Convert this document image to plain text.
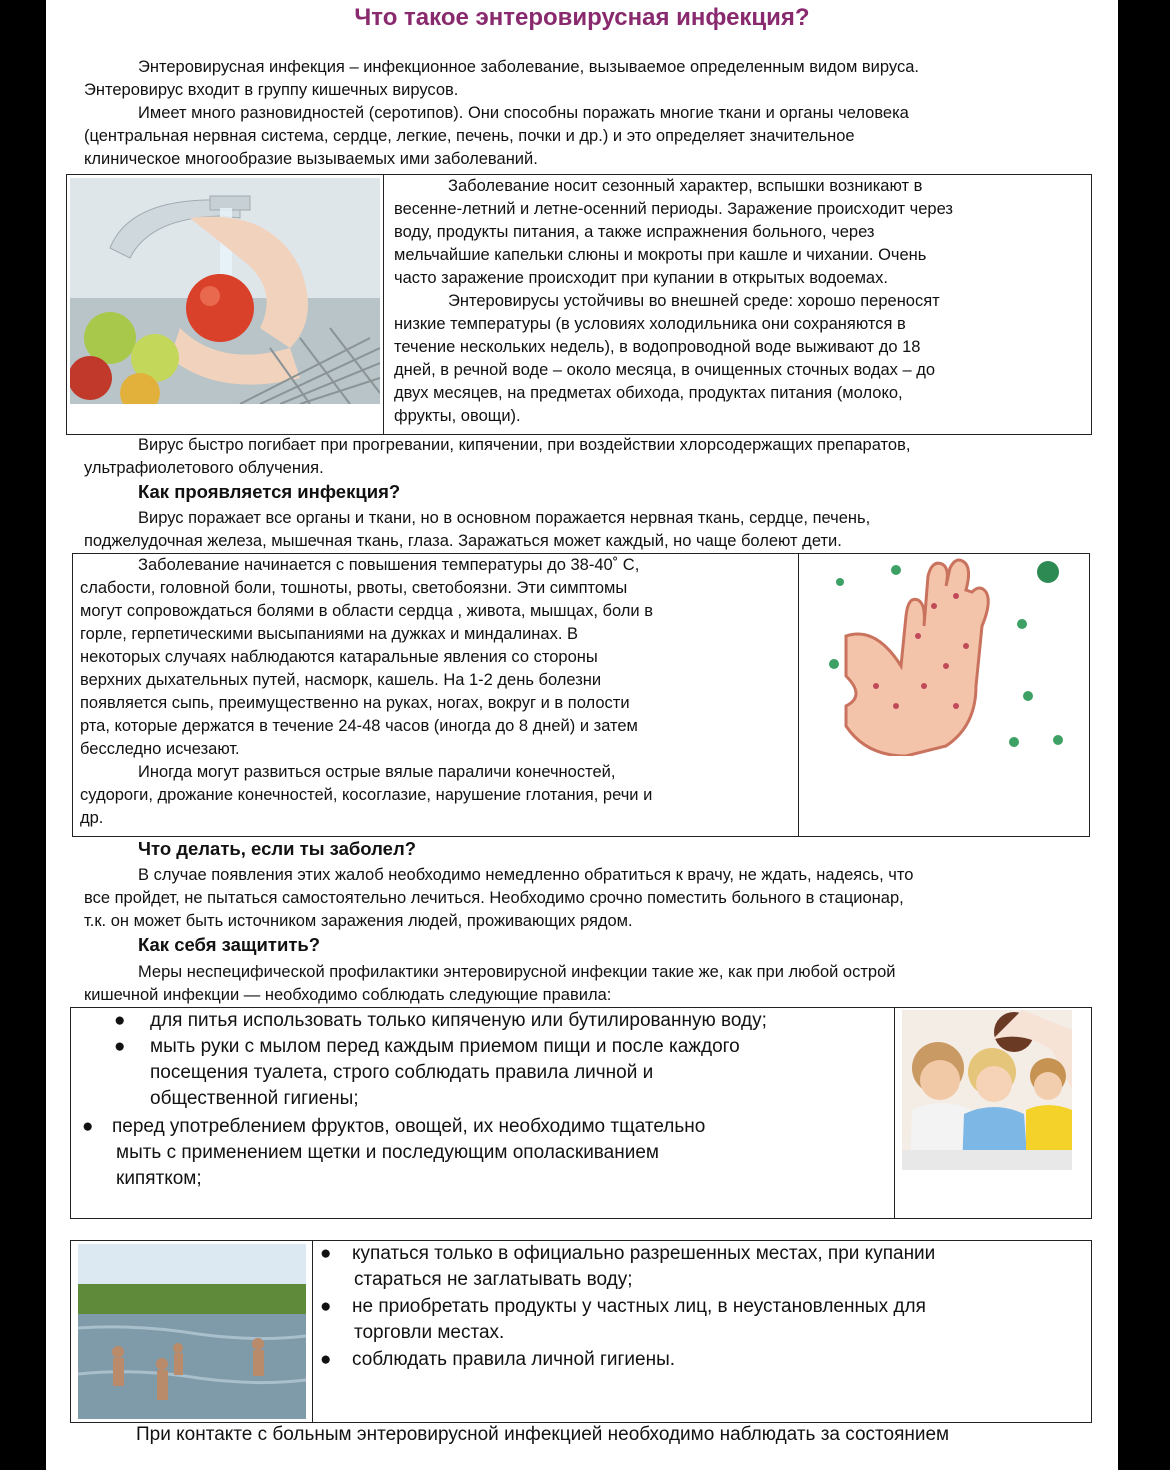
Что такое энтеровирусная инфекция?
Энтеровирусная инфекция – инфекционное заболевание, вызываемое определенным видом вируса.
Энтеровирус входит в группу кишечных вирусов.
Имеет много разновидностей (серотипов). Они способны поражать многие ткани и органы человека
(центральная нервная система, сердце, легкие, печень, почки и др.) и это определяет значительное
клиническое многообразие вызываемых ими заболеваний.
Заболевание носит сезонный характер, вспышки возникают в
весенне-летний и летне-осенний периоды. Заражение происходит через
воду, продукты питания, а также испражнения больного, через
мельчайшие капельки слюны и мокроты при кашле и чихании. Очень
часто заражение происходит при купании в открытых водоемах.
Энтеровирусы устойчивы во внешней среде: хорошо переносят
низкие температуры (в условиях холодильника они сохраняются в
течение нескольких недель), в водопроводной воде выживают до 18
дней, в речной воде – около месяца, в очищенных сточных водах – до
двух месяцев, на предметах обихода, продуктах питания (молоко,
фрукты, овощи).
Вирус быстро погибает при прогревании, кипячении, при воздействии хлорсодержащих препаратов,
ультрафиолетового облучения.
Как проявляется инфекция?
Вирус поражает все органы и ткани, но в основном поражается нервная ткань, сердце, печень,
поджелудочная железа, мышечная ткань, глаза. Заражаться может каждый, но чаще болеют дети.
Заболевание начинается с повышения температуры до 38-40˚ С,
слабости, головной боли, тошноты, рвоты, светобоязни. Эти симптомы
могут сопровождаться болями в области сердца , живота, мышцах, боли в
горле, герпетическими высыпаниями на дужках и миндалинах. В
некоторых случаях наблюдаются катаральные явления со стороны
верхних дыхательных путей, насморк, кашель. На 1-2 день болезни
появляется сыпь, преимущественно на руках, ногах, вокруг и в полости
рта, которые держатся в течение 24-48 часов (иногда до 8 дней) и затем
бесследно исчезают.
Иногда могут развиться острые вялые параличи конечностей,
судороги, дрожание конечностей, косоглазие, нарушение глотания, речи и
др.
Что делать, если ты заболел?
В случае появления этих жалоб необходимо немедленно обратиться к врачу, не ждать, надеясь, что
все пройдет, не пытаться самостоятельно лечиться. Необходимо срочно поместить больного в стационар,
т.к. он может быть источником заражения людей, проживающих рядом.
Как себя защитить?
Меры неспецифической профилактики энтеровирусной инфекции такие же, как при любой острой
кишечной инфекции — необходимо соблюдать следующие правила:
● для питья использовать только кипяченую или бутилированную воду;
● мыть руки с мылом перед каждым приемом пищи и после каждого
посещения туалета, строго соблюдать правила личной и
общественной гигиены;
● перед употреблением фруктов, овощей, их необходимо тщательно
мыть с применением щетки и последующим ополаскиванием
кипятком;
● купаться только в официально разрешенных местах, при купании
стараться не заглатывать воду;
● не приобретать продукты у частных лиц, в неустановленных для
торговли местах.
● соблюдать правила личной гигиены.
При контакте с больным энтеровирусной инфекцией необходимо наблюдать за состоянием
